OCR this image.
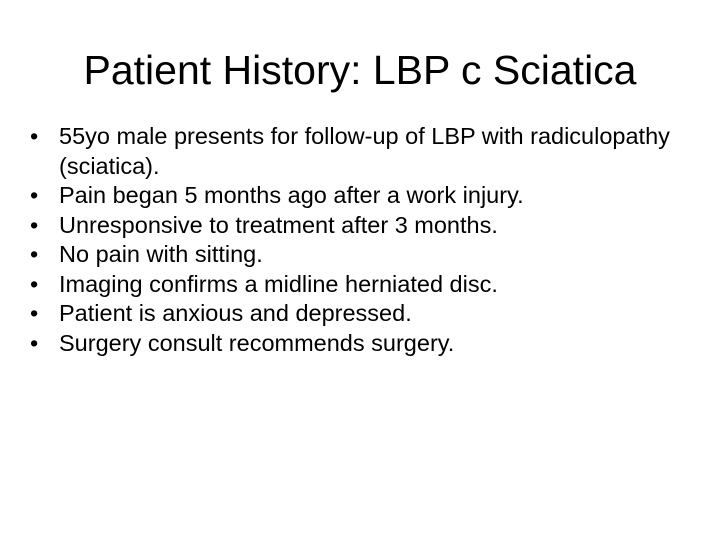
Patient History: LBP c Sciatica
• 55yo male presents for follow-up of LBP with radiculopathy (sciatica).
• Pain began 5 months ago after a work injury.
• Unresponsive to treatment after 3 months.
• No pain with sitting.
• Imaging confirms a midline herniated disc.
• Patient is anxious and depressed.
• Surgery consult recommends surgery.
